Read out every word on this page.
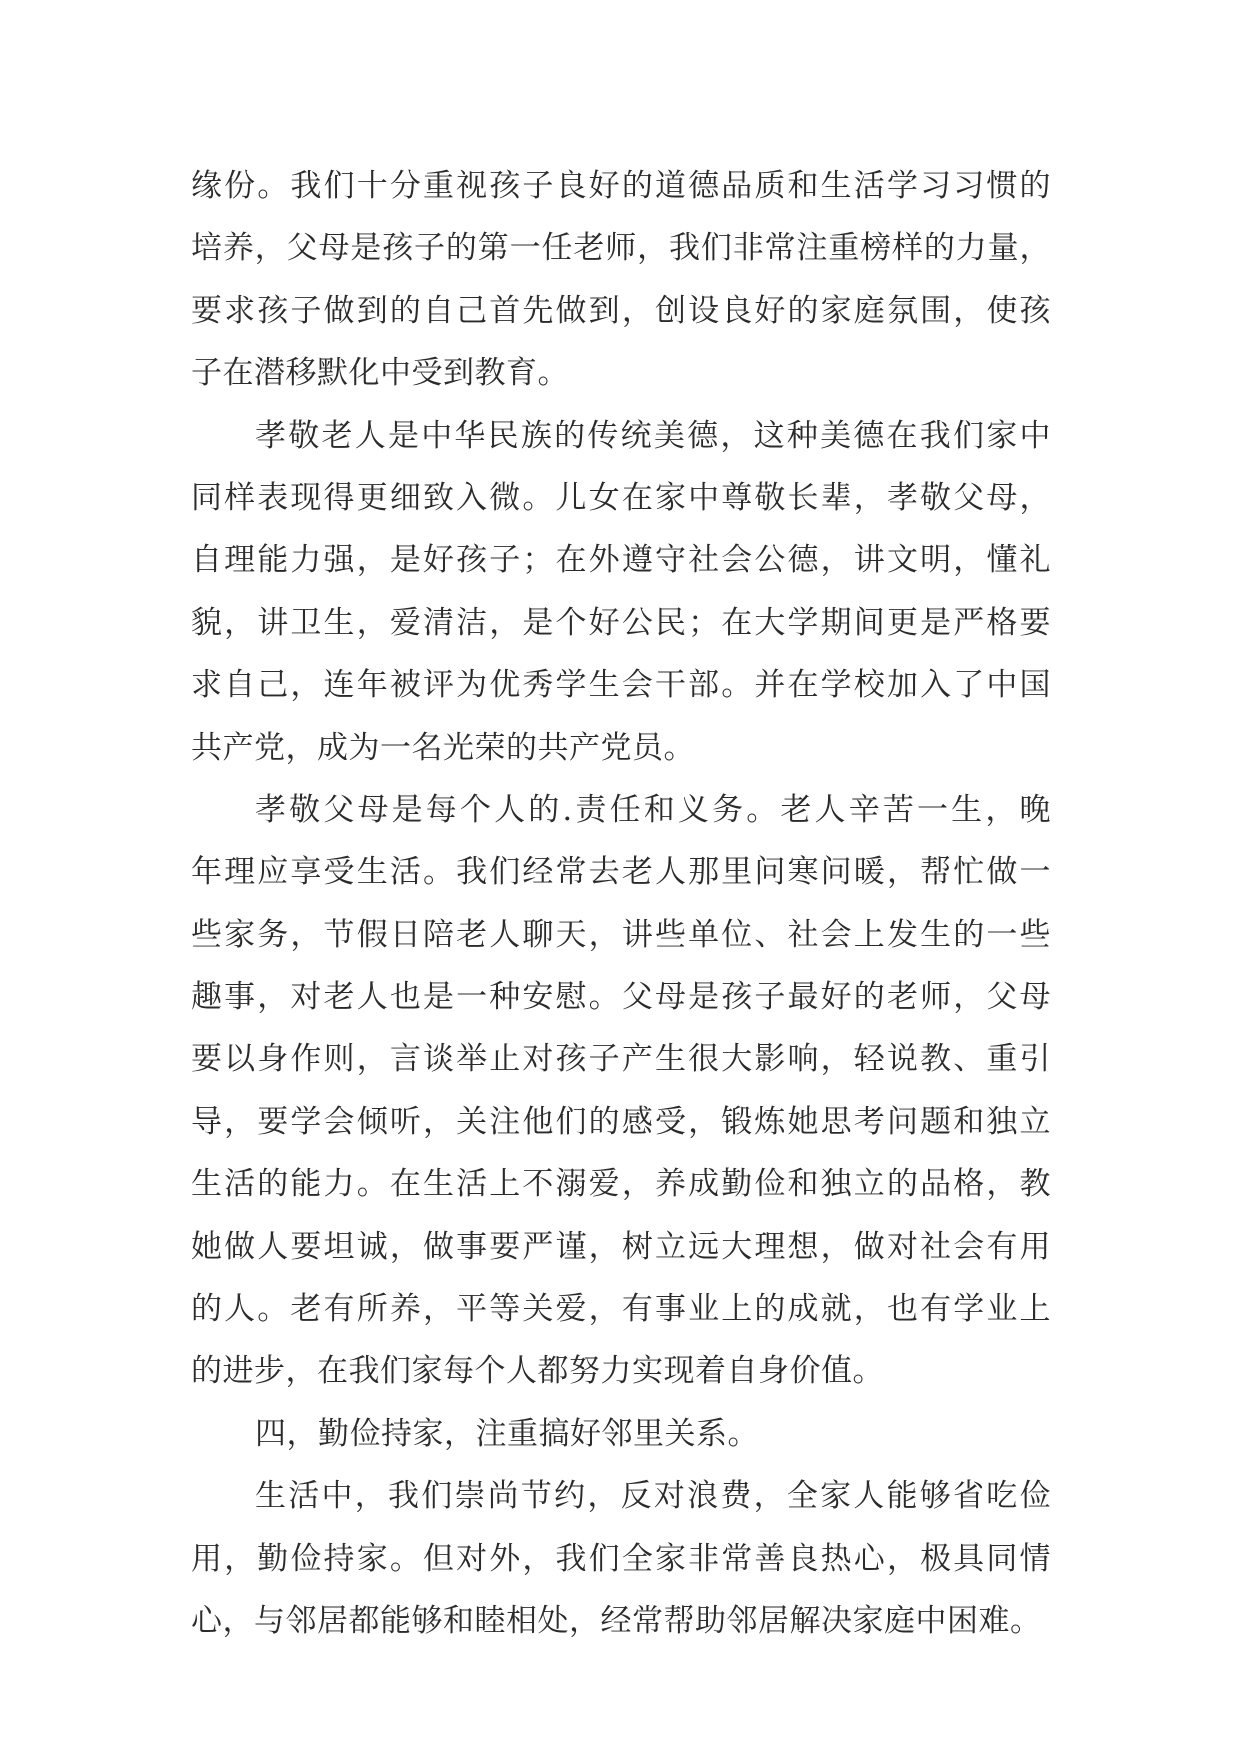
缘份。我们十分重视孩子良好的道德品质和生活学习习惯的
培养，父母是孩子的第一任老师，我们非常注重榜样的力量，
要求孩子做到的自己首先做到，创设良好的家庭氛围，使孩
子在潜移默化中受到教育。
孝敬老人是中华民族的传统美德，这种美德在我们家中
同样表现得更细致入微。儿女在家中尊敬长辈，孝敬父母，
自理能力强，是好孩子；在外遵守社会公德，讲文明，懂礼
貌，讲卫生，爱清洁，是个好公民；在大学期间更是严格要
求自己，连年被评为优秀学生会干部。并在学校加入了中国
共产党，成为一名光荣的共产党员。
孝敬父母是每个人的.责任和义务。老人辛苦一生，晚
年理应享受生活。我们经常去老人那里问寒问暖，帮忙做一
些家务，节假日陪老人聊天，讲些单位、社会上发生的一些
趣事，对老人也是一种安慰。父母是孩子最好的老师，父母
要以身作则，言谈举止对孩子产生很大影响，轻说教、重引
导，要学会倾听，关注他们的感受，锻炼她思考问题和独立
生活的能力。在生活上不溺爱，养成勤俭和独立的品格，教
她做人要坦诚，做事要严谨，树立远大理想，做对社会有用
的人。老有所养，平等关爱，有事业上的成就，也有学业上
的进步，在我们家每个人都努力实现着自身价值。
四，勤俭持家，注重搞好邻里关系。
生活中，我们崇尚节约，反对浪费，全家人能够省吃俭
用，勤俭持家。但对外，我们全家非常善良热心，极具同情
心，与邻居都能够和睦相处，经常帮助邻居解决家庭中困难。
